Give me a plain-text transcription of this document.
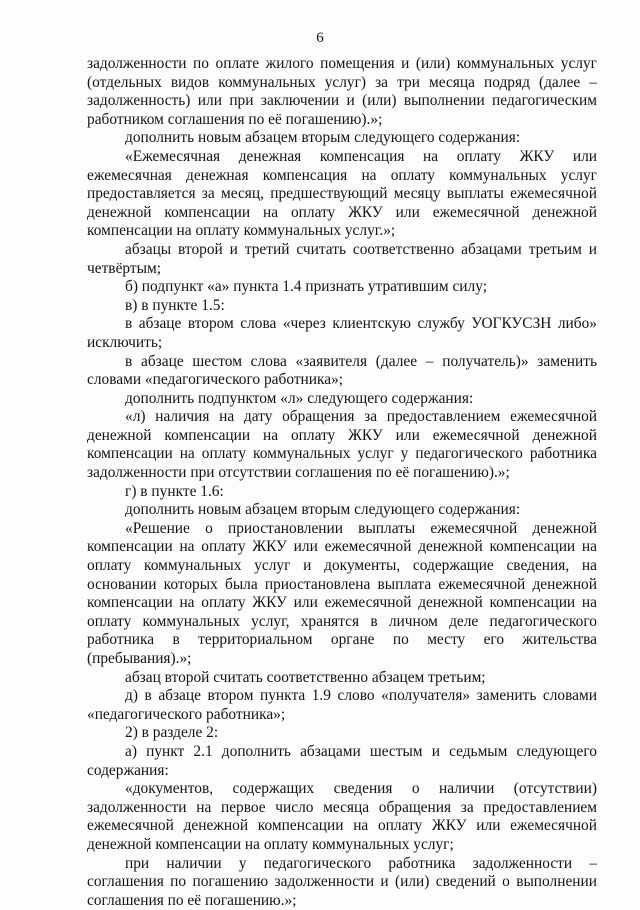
6

задолженности по оплате жилого помещения и (или) коммунальных услуг (отдельных видов коммунальных услуг) за три месяца подряд (далее – задолженность) или при заключении и (или) выполнении педагогическим работником соглашения по её погашению).»;

дополнить новым абзацем вторым следующего содержания:

«Ежемесячная денежная компенсация на оплату ЖКУ или ежемесячная денежная компенсация на оплату коммунальных услуг предоставляется за месяц, предшествующий месяцу выплаты ежемесячной денежной компенсации на оплату ЖКУ или ежемесячной денежной компенсации на оплату коммунальных услуг.»;

абзацы второй и третий считать соответственно абзацами третьим и четвёртым;

б) подпункт «а» пункта 1.4 признать утратившим силу;

в) в пункте 1.5:

в абзаце втором слова «через клиентскую службу УОГКУСЗН либо» исключить;

в абзаце шестом слова «заявителя (далее – получатель)» заменить словами «педагогического работника»;

дополнить подпунктом «л» следующего содержания:

«л) наличия на дату обращения за предоставлением ежемесячной денежной компенсации на оплату ЖКУ или ежемесячной денежной компенсации на оплату коммунальных услуг у педагогического работника задолженности при отсутствии соглашения по её погашению).»;

г) в пункте 1.6:

дополнить новым абзацем вторым следующего содержания:

«Решение о приостановлении выплаты ежемесячной денежной компенсации на оплату ЖКУ или ежемесячной денежной компенсации на оплату коммунальных услуг и документы, содержащие сведения, на основании которых была приостановлена выплата ежемесячной денежной компенсации на оплату ЖКУ или ежемесячной денежной компенсации на оплату коммунальных услуг, хранятся в личном деле педагогического работника в территориальном органе по месту его жительства (пребывания).»;

абзац второй считать соответственно абзацем третьим;

д) в абзаце втором пункта 1.9 слово «получателя» заменить словами «педагогического работника»;

2) в разделе 2:

а) пункт 2.1 дополнить абзацами шестым и седьмым следующего содержания:

«документов, содержащих сведения о наличии (отсутствии) задолженности на первое число месяца обращения за предоставлением ежемесячной денежной компенсации на оплату ЖКУ или ежемесячной денежной компенсации на оплату коммунальных услуг;

при наличии у педагогического работника задолженности – соглашения по погашению задолженности и (или) сведений о выполнении соглашения по её погашению.»;
